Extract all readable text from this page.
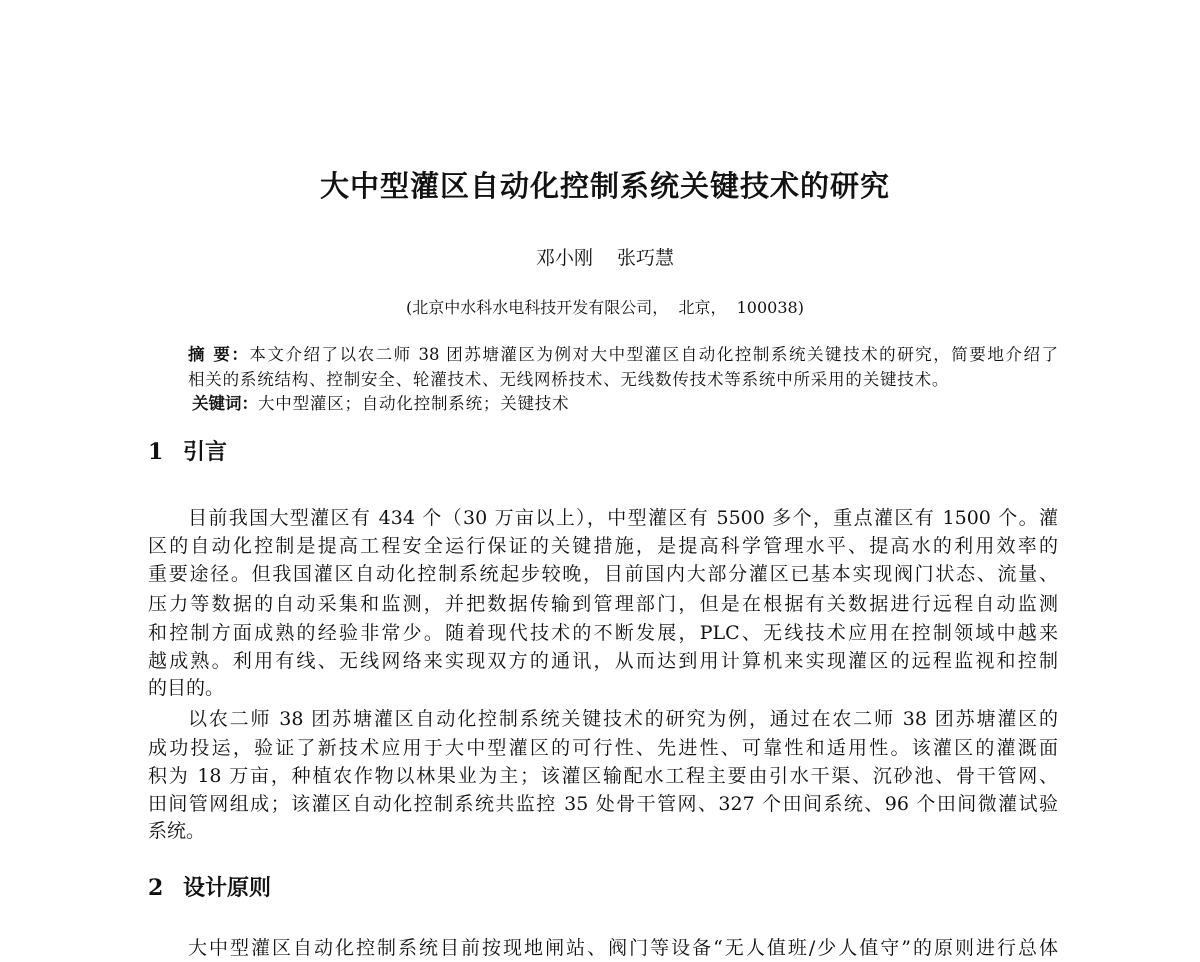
大中型灌区自动化控制系统关键技术的研究
邓小刚 张巧慧
(北京中水科水电科技开发有限公司，  北京，  100038)
摘 要：本文介绍了以农二师 38 团苏塘灌区为例对大中型灌区自动化控制系统关键技术的研究，简要地介绍了
相关的系统结构、控制安全、轮灌技术、无线网桥技术、无线数传技术等系统中所采用的关键技术。
关键词：大中型灌区；自动化控制系统；关键技术
1 引言
目前我国大型灌区有 434 个（30 万亩以上），中型灌区有 5500 多个，重点灌区有 1500 个。灌
区的自动化控制是提高工程安全运行保证的关键措施，是提高科学管理水平、提高水的利用效率的
重要途径。但我国灌区自动化控制系统起步较晚，目前国内大部分灌区已基本实现阀门状态、流量、
压力等数据的自动采集和监测，并把数据传输到管理部门，但是在根据有关数据进行远程自动监测
和控制方面成熟的经验非常少。随着现代技术的不断发展，PLC、无线技术应用在控制领域中越来
越成熟。利用有线、无线网络来实现双方的通讯，从而达到用计算机来实现灌区的远程监视和控制
的目的。
以农二师 38 团苏塘灌区自动化控制系统关键技术的研究为例，通过在农二师 38 团苏塘灌区的
成功投运，验证了新技术应用于大中型灌区的可行性、先进性、可靠性和适用性。该灌区的灌溉面
积为 18 万亩，种植农作物以林果业为主；该灌区输配水工程主要由引水干渠、沉砂池、骨干管网、
田间管网组成；该灌区自动化控制系统共监控 35 处骨干管网、327 个田间系统、96 个田间微灌试验
系统。
2 设计原则
大中型灌区自动化控制系统目前按现地闸站、阀门等设备“无人值班/少人值守”的原则进行总体
